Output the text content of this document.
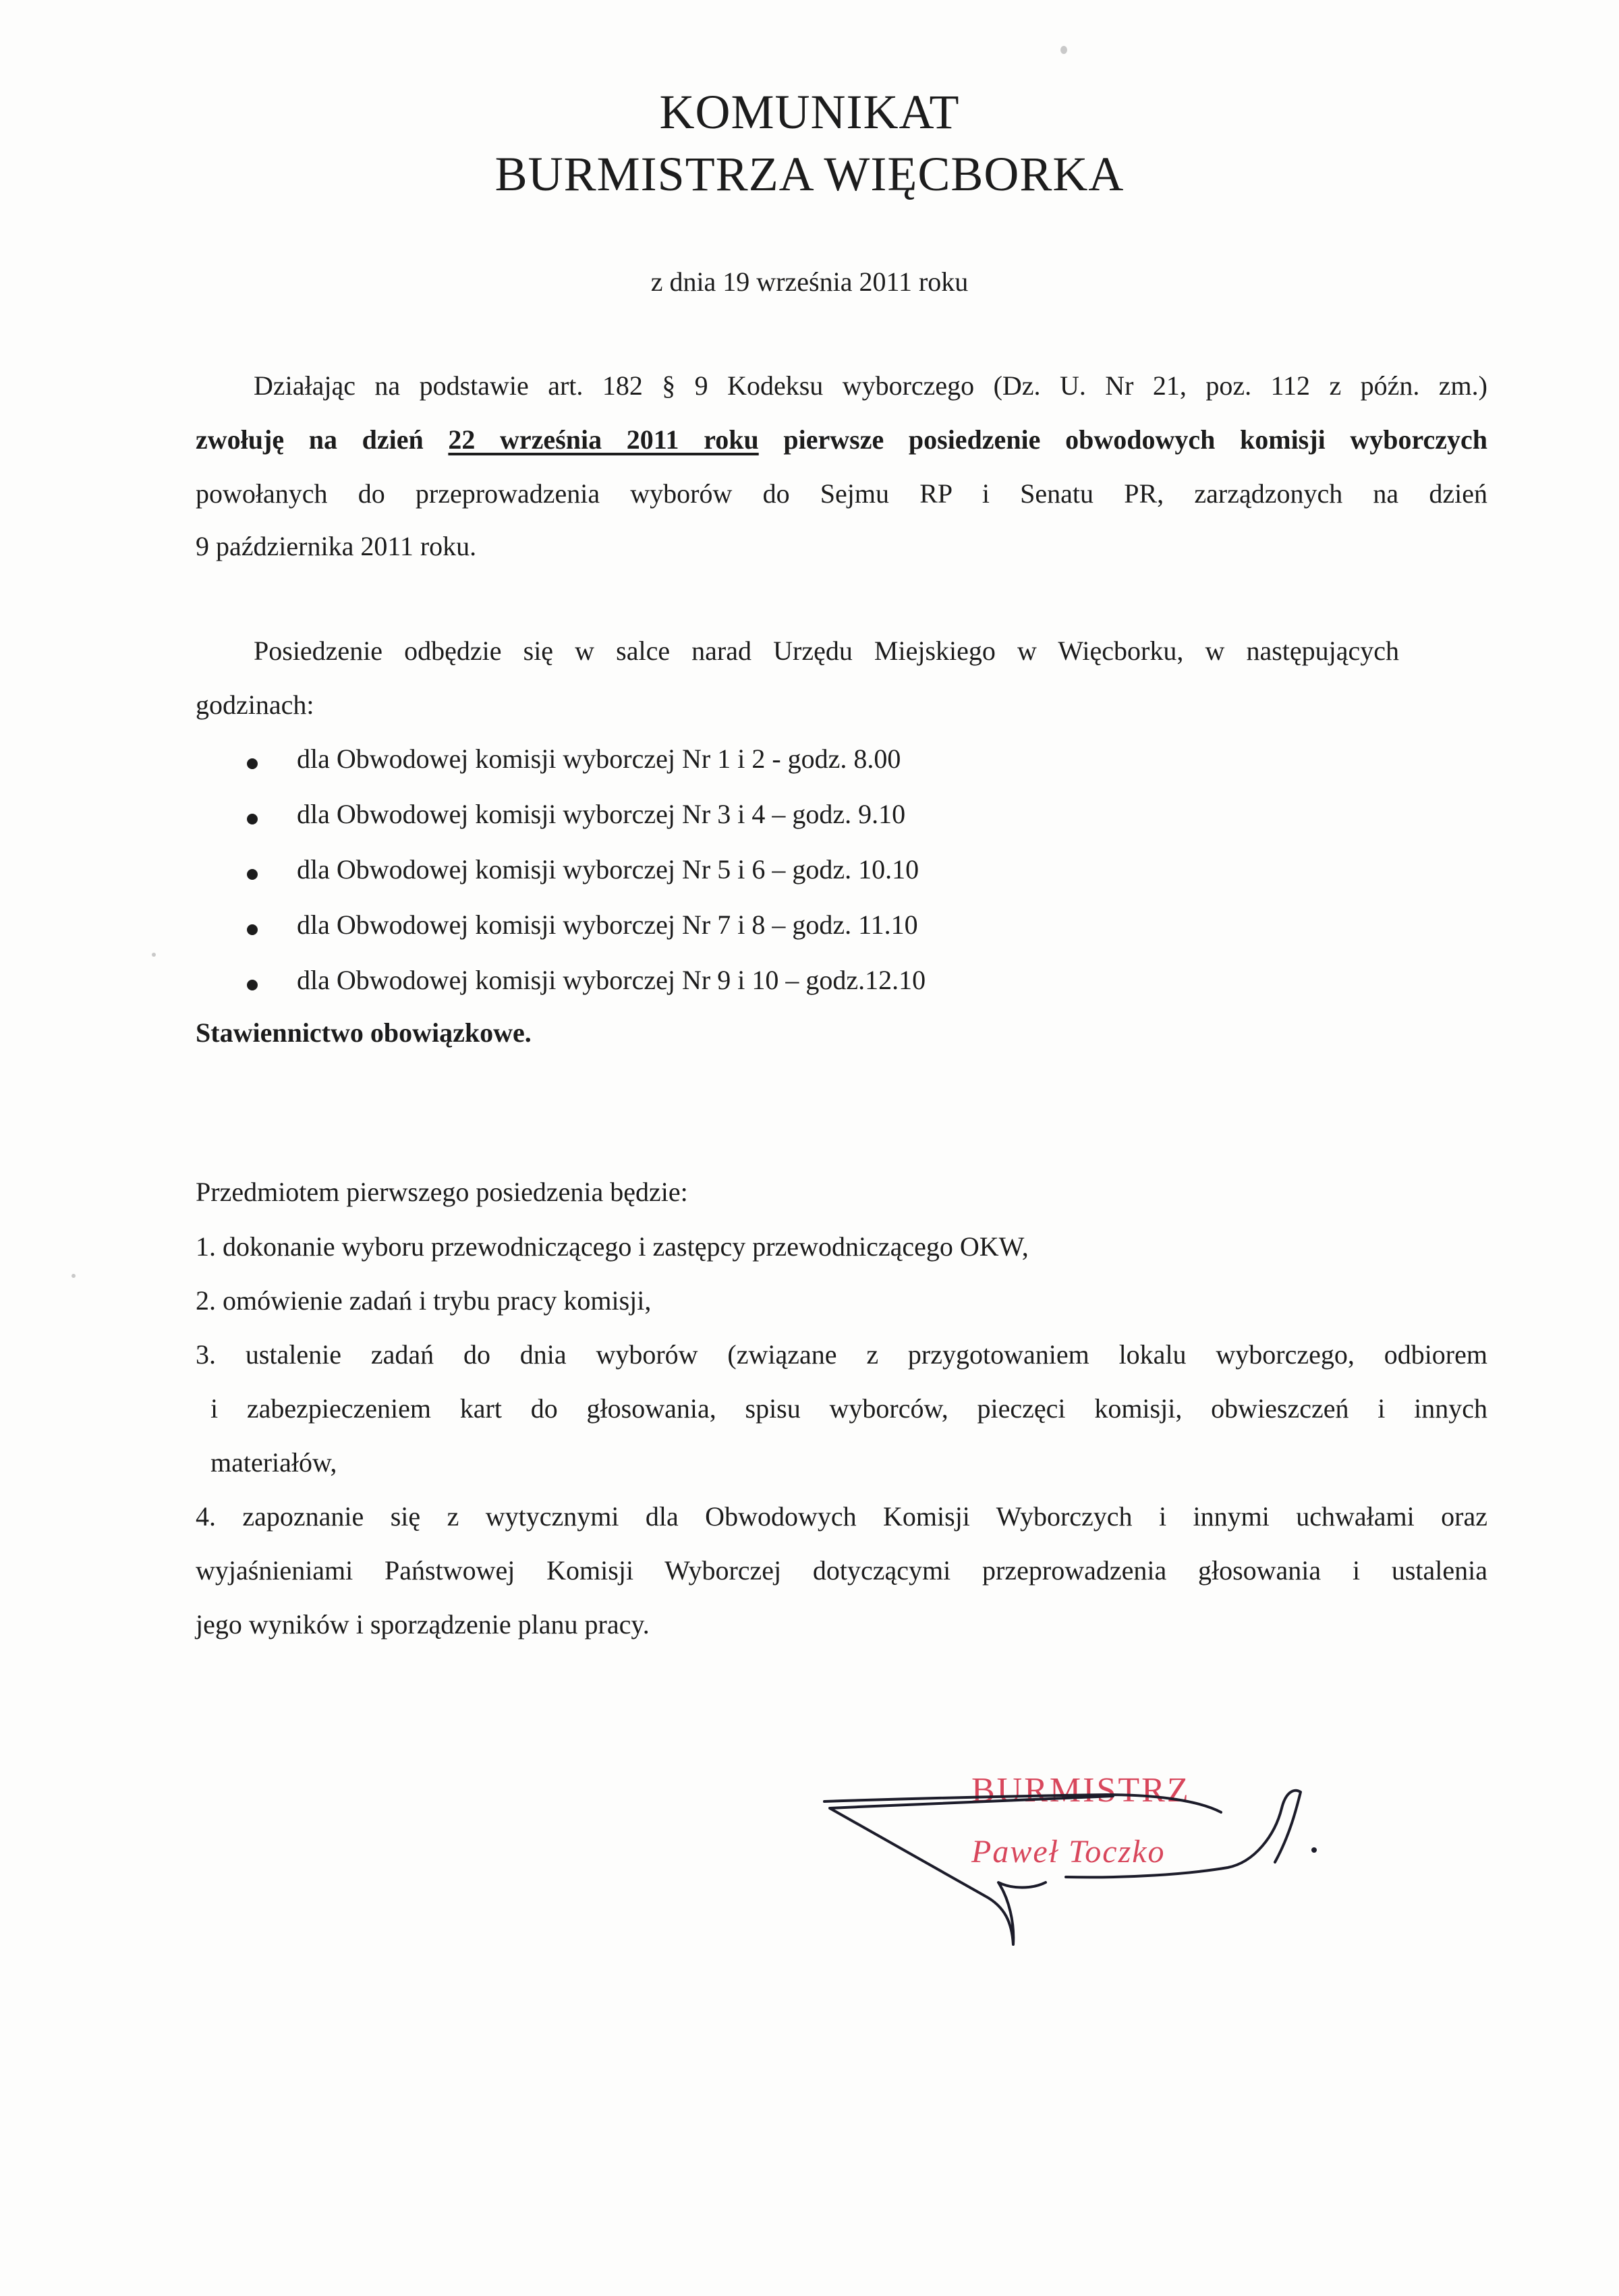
KOMUNIKAT
BURMISTRZA WIĘCBORKA
z dnia 19 września 2011 roku
Działając na podstawie art. 182 § 9 Kodeksu wyborczego (Dz. U. Nr 21, poz. 112 z późn. zm.)
zwołuję na dzień 22 września 2011 roku pierwsze posiedzenie obwodowych komisji wyborczych
powołanych do przeprowadzenia wyborów do Sejmu RP i Senatu PR, zarządzonych na dzień
9 października 2011 roku.
Posiedzenie odbędzie się w salce narad Urzędu Miejskiego w Więcborku, w następujących
godzinach:
dla Obwodowej komisji wyborczej Nr 1 i 2 - godz. 8.00
dla Obwodowej komisji wyborczej Nr 3 i 4 – godz. 9.10
dla Obwodowej komisji wyborczej Nr 5 i 6 – godz. 10.10
dla Obwodowej komisji wyborczej Nr 7 i 8 – godz. 11.10
dla Obwodowej komisji wyborczej Nr 9 i 10 – godz.12.10
Stawiennictwo obowiązkowe.
Przedmiotem pierwszego posiedzenia będzie:
1. dokonanie wyboru przewodniczącego i zastępcy przewodniczącego OKW,
2. omówienie zadań i trybu pracy komisji,
3. ustalenie zadań do dnia wyborów (związane z przygotowaniem lokalu wyborczego, odbiorem
i zabezpieczeniem kart do głosowania, spisu wyborców, pieczęci komisji, obwieszczeń i innych
materiałów,
4. zapoznanie się z wytycznymi dla Obwodowych Komisji Wyborczych i innymi uchwałami oraz
wyjaśnieniami Państwowej Komisji Wyborczej dotyczącymi przeprowadzenia głosowania i ustalenia
jego wyników i sporządzenie planu pracy.
BURMISTRZ
Paweł Toczko
